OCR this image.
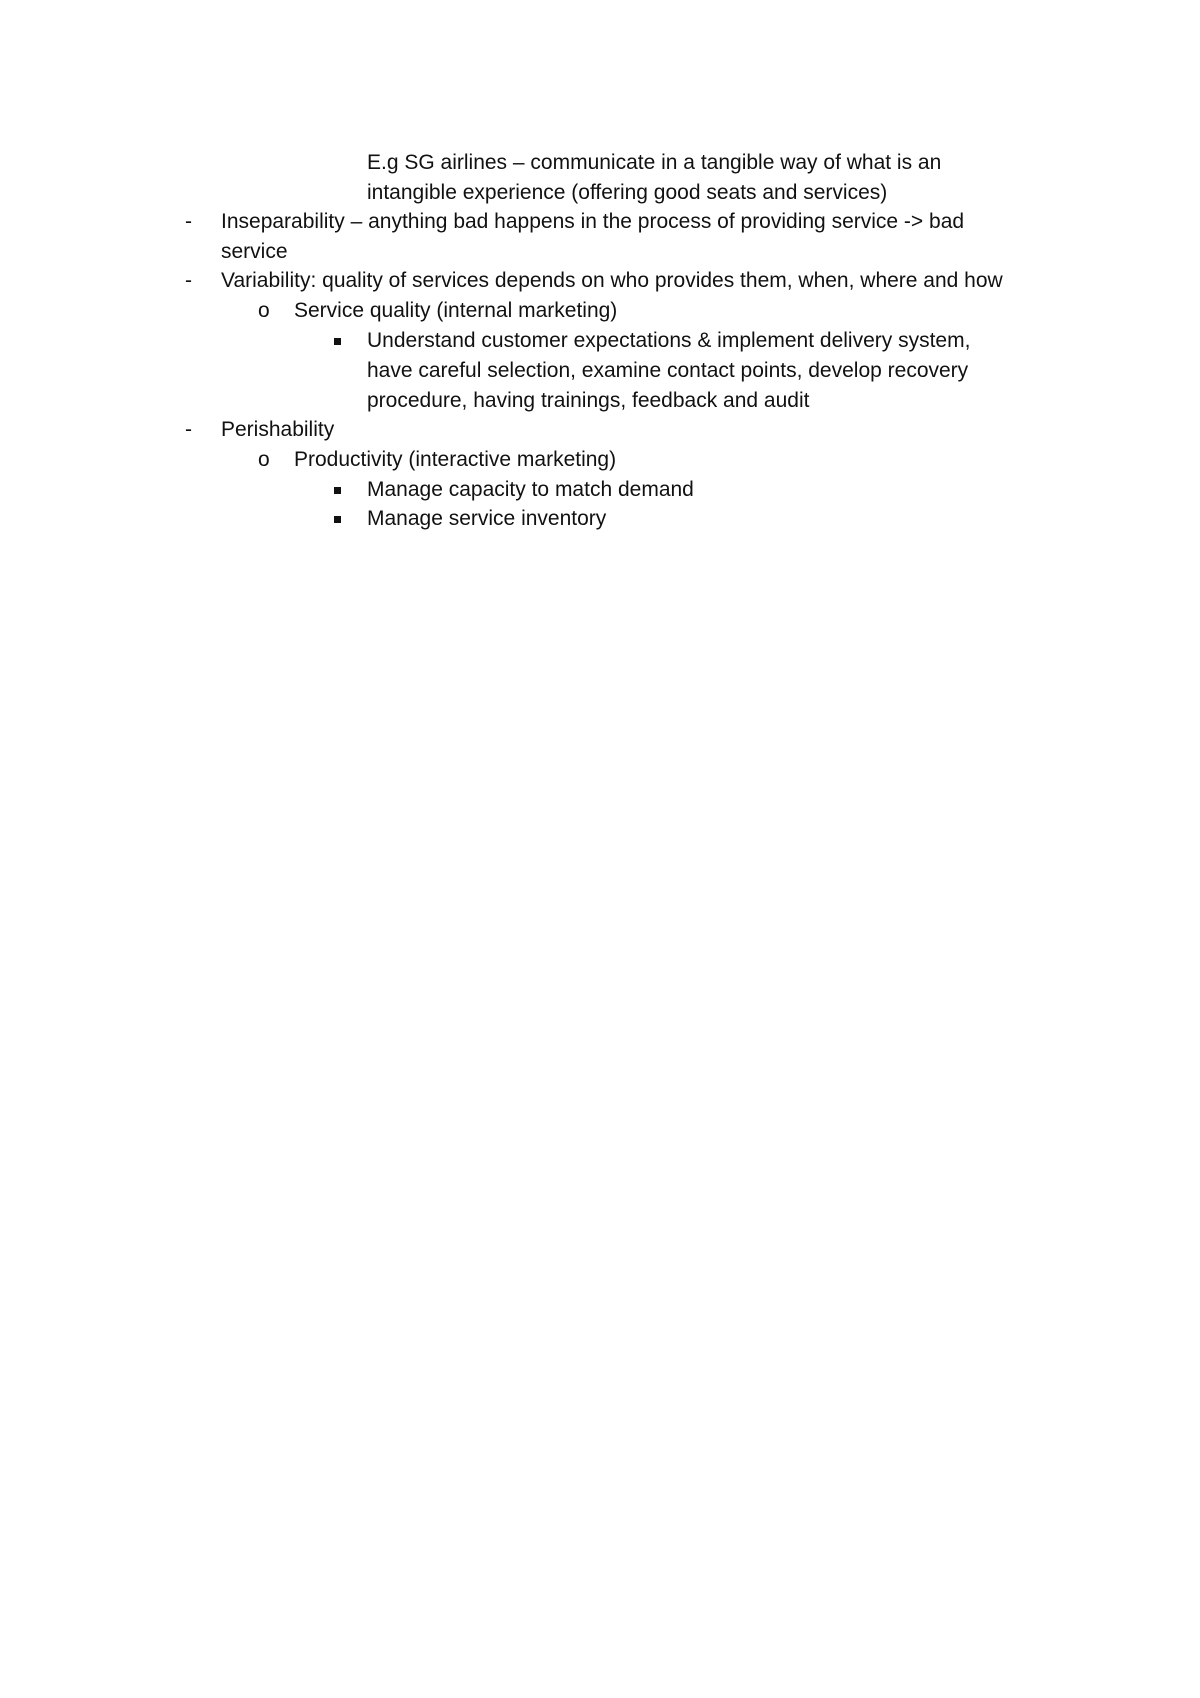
E.g SG airlines – communicate in a tangible way of what is an
intangible experience (offering good seats and services)
- Inseparability – anything bad happens in the process of providing service -> bad
service
- Variability: quality of services depends on who provides them, when, where and how
o Service quality (internal marketing)
Understand customer expectations & implement delivery system,
have careful selection, examine contact points, develop recovery
procedure, having trainings, feedback and audit
- Perishability
o Productivity (interactive marketing)
Manage capacity to match demand
Manage service inventory
